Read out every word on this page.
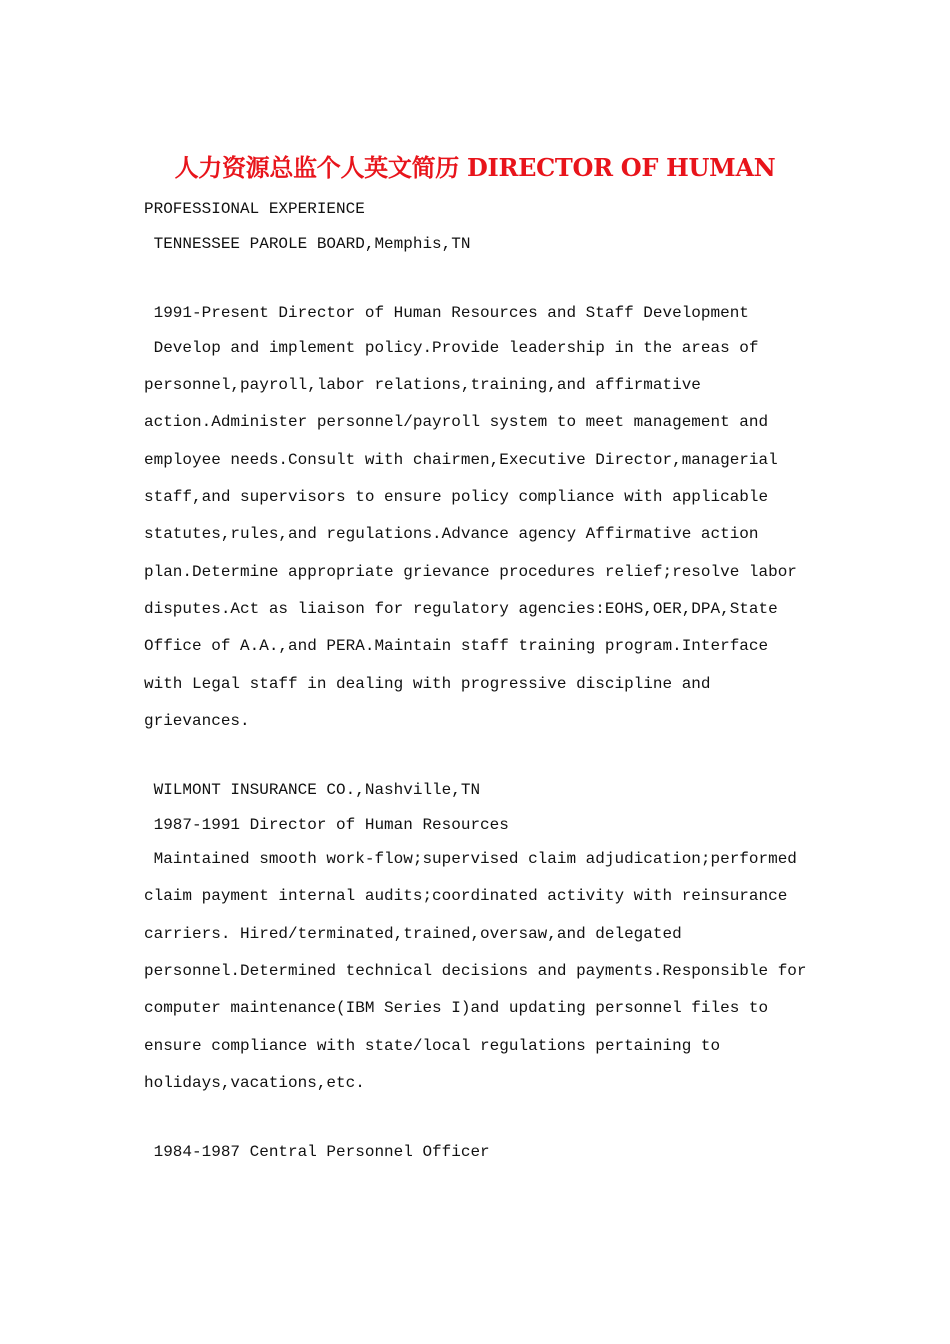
人力资源总监个人英文简历 DIRECTOR OF HUMAN

PROFESSIONAL EXPERIENCE

TENNESSEE PAROLE BOARD,Memphis,TN

1991-Present Director of Human Resources and Staff Development

Develop and implement policy.Provide leadership in the areas of

personnel,payroll,labor relations,training,and affirmative

action.Administer personnel/payroll system to meet management and

employee needs.Consult with chairmen,Executive Director,managerial

staff,and supervisors to ensure policy compliance with applicable

statutes,rules,and regulations.Advance agency Affirmative action

plan.Determine appropriate grievance procedures relief;resolve labor

disputes.Act as liaison for regulatory agencies:EOHS,OER,DPA,State

Office of A.A.,and PERA.Maintain staff training program.Interface

with Legal staff in dealing with progressive discipline and

grievances.

WILMONT INSURANCE CO.,Nashville,TN

1987-1991 Director of Human Resources

Maintained smooth work-flow;supervised claim adjudication;performed

claim payment internal audits;coordinated activity with reinsurance

carriers. Hired/terminated,trained,oversaw,and delegated

personnel.Determined technical decisions and payments.Responsible for

computer maintenance(IBM Series I)and updating personnel files to

ensure compliance with state/local regulations pertaining to

holidays,vacations,etc.

1984-1987 Central Personnel Officer
